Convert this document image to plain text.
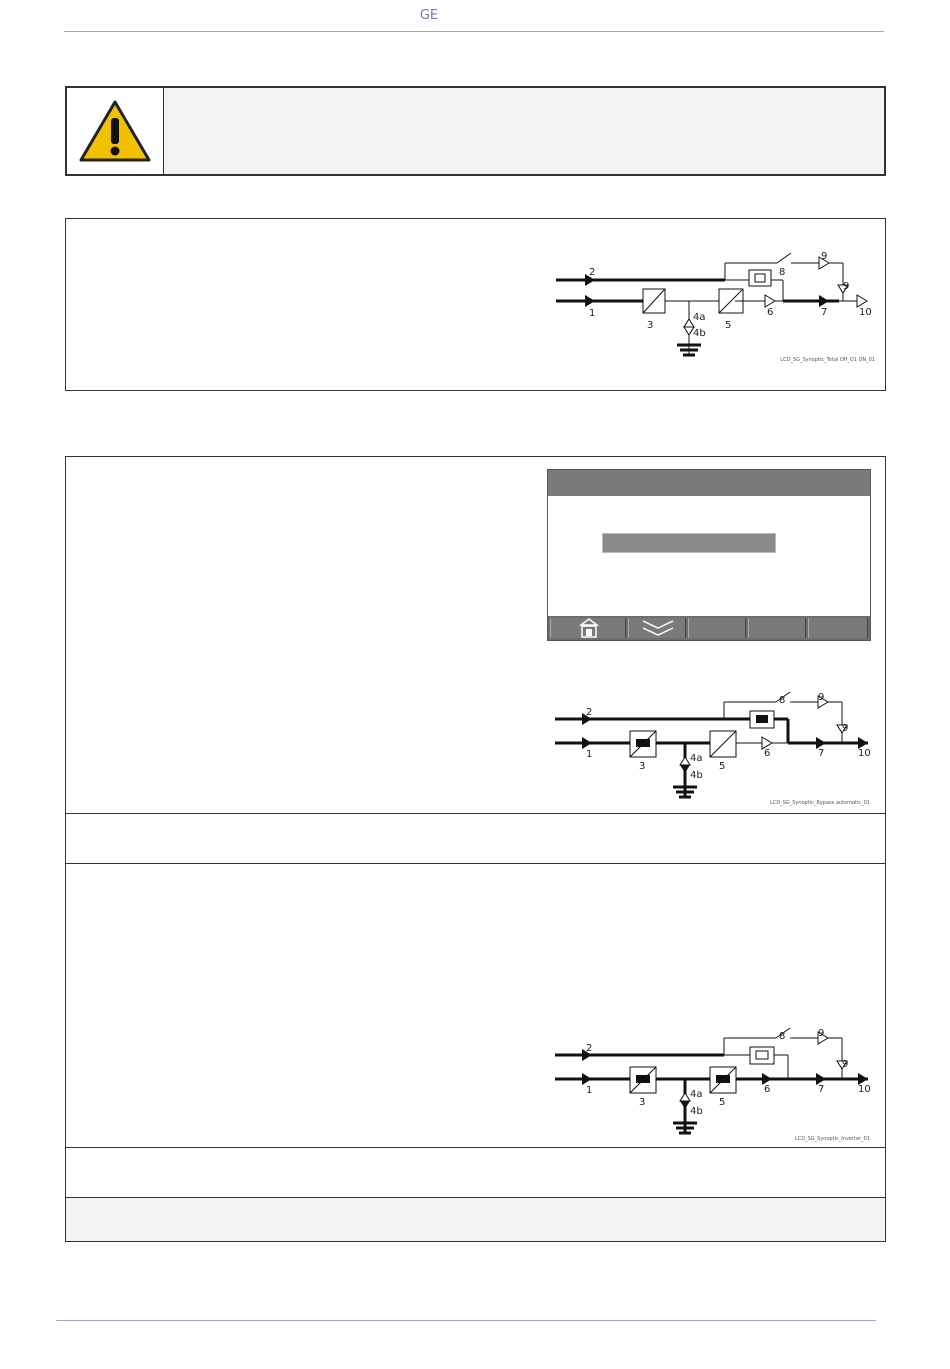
GE
2
1
3
4a
4b
5
6	7
8
9
9
10
LCD_SG_Synoptic_Total Off_Q1 ON_01
2
1
3
4a
4b
5
6	7
8	9
9
10
LCD_SG_Synoptic_Bypass automatic_01
2
1
3
4a
4b
5
6	7
8	9
9
10
LCD_SG_Synoptic_Inverter_01
